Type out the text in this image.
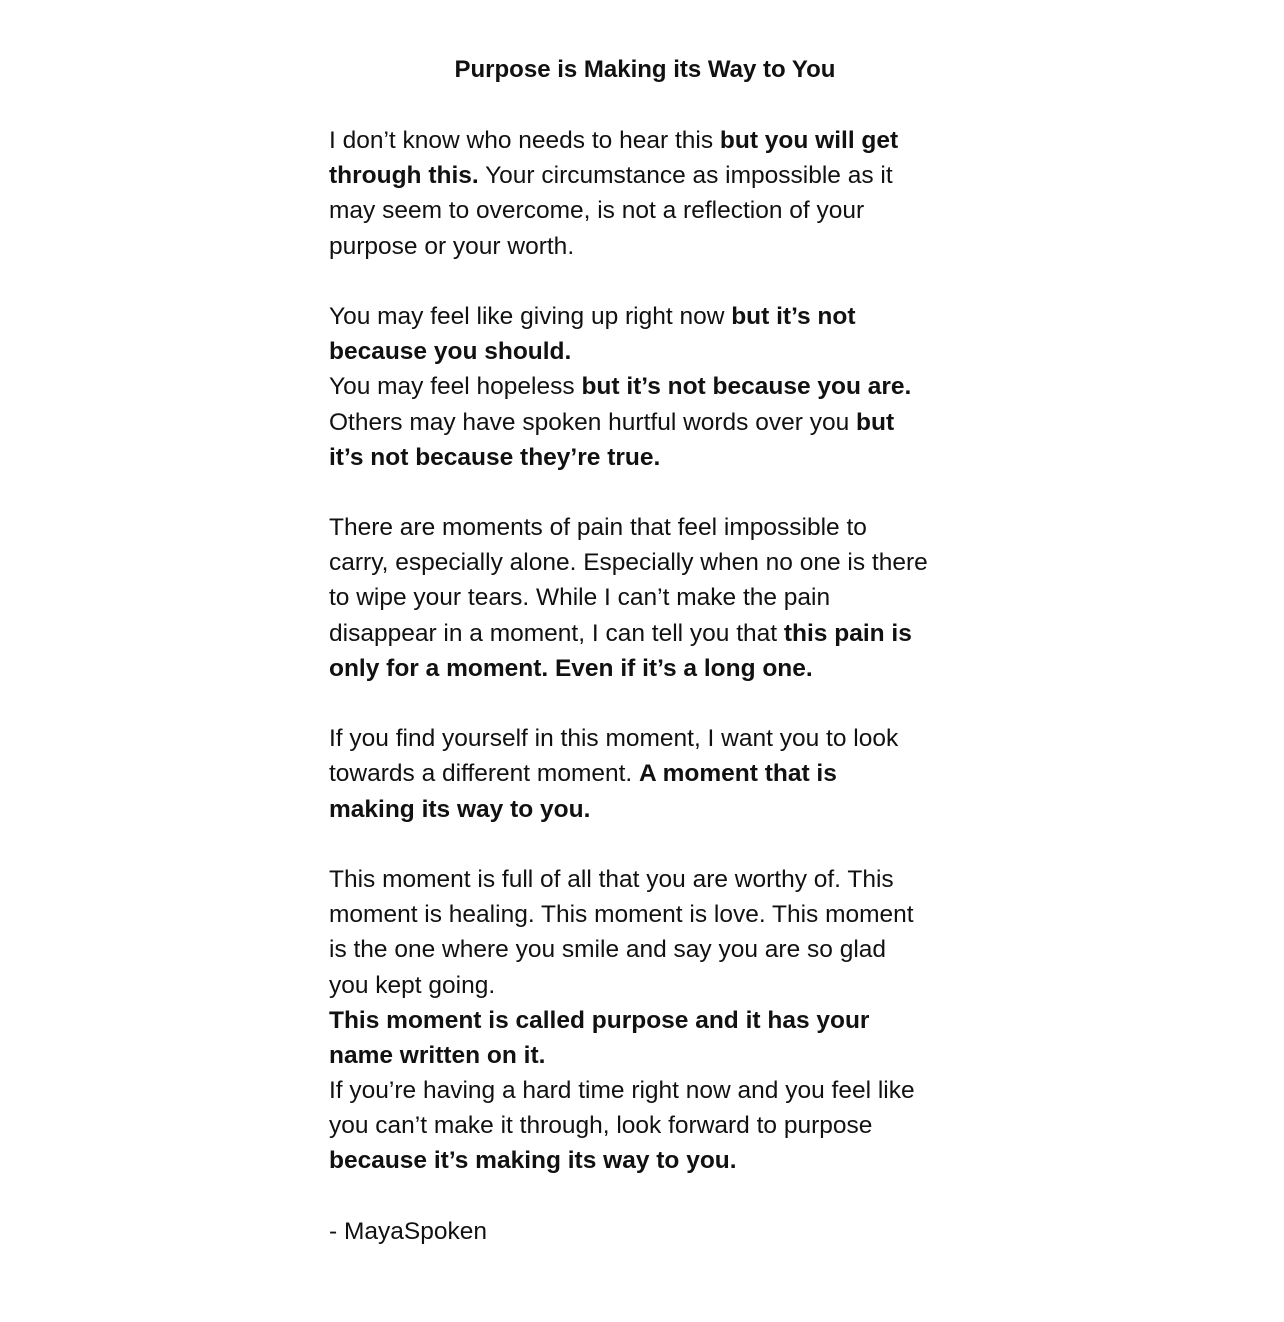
Purpose is Making its Way to You
I don’t know who needs to hear this but you will get
through this. Your circumstance as impossible as it
may seem to overcome, is not a reflection of your
purpose or your worth.
You may feel like giving up right now but it’s not
because you should.
You may feel hopeless but it’s not because you are.
Others may have spoken hurtful words over you but
it’s not because they’re true.
There are moments of pain that feel impossible to
carry, especially alone. Especially when no one is there
to wipe your tears. While I can’t make the pain
disappear in a moment, I can tell you that this pain is
only for a moment. Even if it’s a long one.
If you find yourself in this moment, I want you to look
towards a different moment. A moment that is
making its way to you.
This moment is full of all that you are worthy of. This
moment is healing. This moment is love. This moment
is the one where you smile and say you are so glad
you kept going.
This moment is called purpose and it has your
name written on it.
If you’re having a hard time right now and you feel like
you can’t make it through, look forward to purpose
because it’s making its way to you.
- MayaSpoken
